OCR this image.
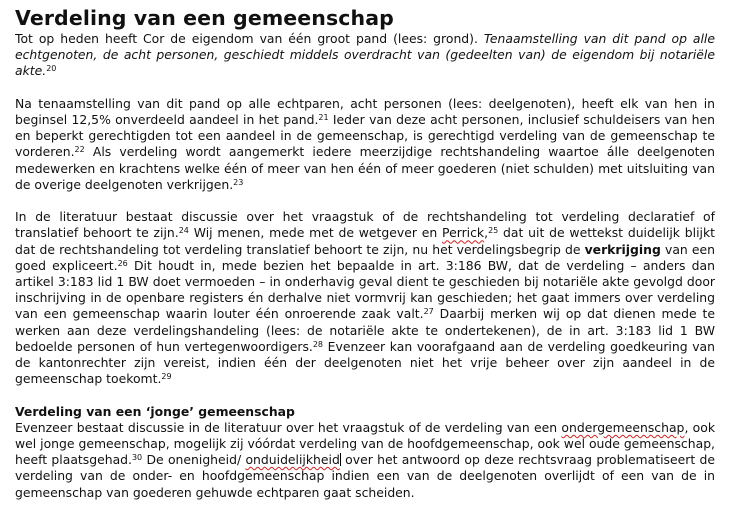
Verdeling van een gemeenschap

Tot op heden heeft Cor de eigendom van één groot pand (lees: grond). Tenaamstelling van dit pand op alle echtgenoten, de acht personen, geschiedt middels overdracht van (gedeelten van) de eigendom bij notariële akte.$^{20}$

Na tenaamstelling van dit pand op alle echtparen, acht personen (lees: deelgenoten), heeft elk van hen in beginsel 12,5% onverdeeld aandeel in het pand.$^{21}$ Ieder van deze acht personen, inclusief schuldeisers van hen en beperkt gerechtigden tot een aandeel in de gemeenschap, is gerechtigd verdeling van de gemeenschap te vorderen.$^{22}$ Als verdeling wordt aangemerkt iedere meerzijdige rechtshandeling waartoe álle deelgenoten medewerken en krachtens welke één of meer van hen één of meer goederen (niet schulden) met uitsluiting van de overige deelgenoten verkrijgen.$^{23}$

In de literatuur bestaat discussie over het vraagstuk of de rechtshandeling tot verdeling declaratief of translatief behoort te zijn.$^{24}$ Wij menen, mede met de wetgever en Perrick,$^{25}$ dat uit de wettekst duidelijk blijkt dat de rechtshandeling tot verdeling translatief behoort te zijn, nu het verdelingsbegrip de verkrijging van een goed expliceert.$^{26}$ Dit houdt in, mede bezien het bepaalde in art. 3:186 BW, dat de verdeling – anders dan artikel 3:183 lid 1 BW doet vermoeden – in onderhavig geval dient te geschieden bij notariële akte gevolgd door inschrijving in de openbare registers én derhalve niet vormvrij kan geschieden; het gaat immers over verdeling van een gemeenschap waarin louter één onroerende zaak valt.$^{27}$ Daarbij merken wij op dat dienen mede te werken aan deze verdelingshandeling (lees: de notariële akte te ondertekenen), de in art. 3:183 lid 1 BW bedoelde personen of hun vertegenwoordigers.$^{28}$ Evenzeer kan voorafgaand aan de verdeling goedkeuring van de kantonrechter zijn vereist, indien één der deelgenoten niet het vrije beheer over zijn aandeel in de gemeenschap toekomt.$^{29}$

Verdeling van een ‘jonge’ gemeenschap

Evenzeer bestaat discussie in de literatuur over het vraagstuk of de verdeling van een ondergemeenschap, ook wel jonge gemeenschap, mogelijk zij vóórdat verdeling van de hoofdgemeenschap, ook wel oude gemeenschap, heeft plaatsgehad.$^{30}$ De onenigheid/ onduidelijkheid over het antwoord op deze rechtsvraag problematiseert de verdeling van de onder- en hoofdgemeenschap indien een van de deelgenoten overlijdt of een van de in gemeenschap van goederen gehuwde echtparen gaat scheiden.
